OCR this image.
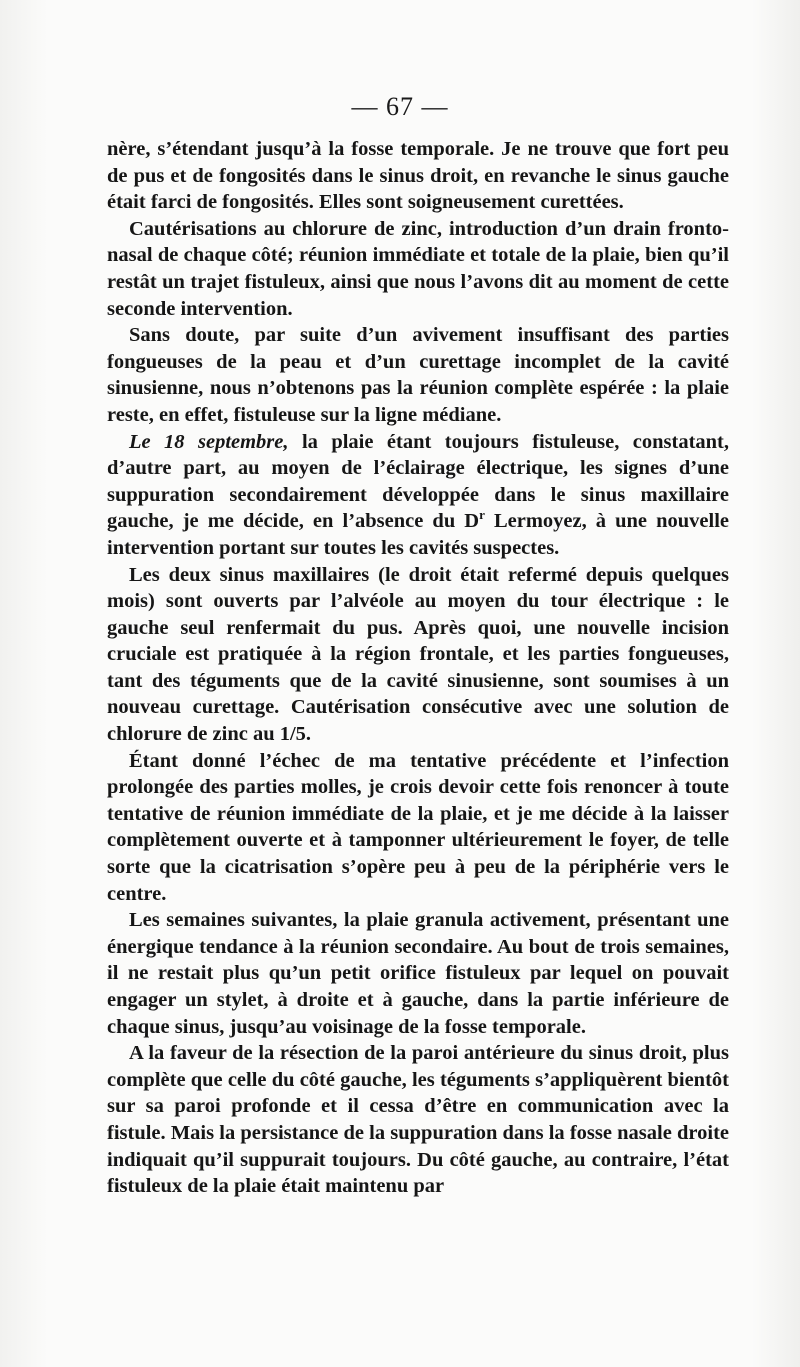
— 67 —

nère, s’étendant jusqu’à la fosse temporale. Je ne trouve que fort peu de pus et de fongosités dans le sinus droit, en revanche le sinus gauche était farci de fongosités. Elles sont soigneusement curettées.

Cautérisations au chlorure de zinc, introduction d’un drain fronto-nasal de chaque côté; réunion immédiate et totale de la plaie, bien qu’il restât un trajet fistuleux, ainsi que nous l’avons dit au moment de cette seconde intervention.

Sans doute, par suite d’un avivement insuffisant des parties fongueuses de la peau et d’un curettage incomplet de la cavité sinusienne, nous n’obtenons pas la réunion complète espérée : la plaie reste, en effet, fistuleuse sur la ligne médiane.

Le 18 septembre, la plaie étant toujours fistuleuse, constatant, d’autre part, au moyen de l’éclairage électrique, les signes d’une suppuration secondairement développée dans le sinus maxillaire gauche, je me décide, en l’absence du $D^r$ Lermoyez, à une nouvelle intervention portant sur toutes les cavités suspectes.

Les deux sinus maxillaires (le droit était refermé depuis quelques mois) sont ouverts par l’alvéole au moyen du tour électrique : le gauche seul renfermait du pus. Après quoi, une nouvelle incision cruciale est pratiquée à la région frontale, et les parties fongueuses, tant des téguments que de la cavité sinusienne, sont soumises à un nouveau curettage. Cautérisation consécutive avec une solution de chlorure de zinc au 1/5.

Étant donné l’échec de ma tentative précédente et l’infection prolongée des parties molles, je crois devoir cette fois renoncer à toute tentative de réunion immédiate de la plaie, et je me décide à la laisser complètement ouverte et à tamponner ultérieurement le foyer, de telle sorte que la cicatrisation s’opère peu à peu de la périphérie vers le centre.

Les semaines suivantes, la plaie granula activement, présentant une énergique tendance à la réunion secondaire. Au bout de trois semaines, il ne restait plus qu’un petit orifice fistuleux par lequel on pouvait engager un stylet, à droite et à gauche, dans la partie inférieure de chaque sinus, jusqu’au voisinage de la fosse temporale.

A la faveur de la résection de la paroi antérieure du sinus droit, plus complète que celle du côté gauche, les téguments s’appliquèrent bientôt sur sa paroi profonde et il cessa d’être en communication avec la fistule. Mais la persistance de la suppuration dans la fosse nasale droite indiquait qu’il suppurait toujours. Du côté gauche, au contraire, l’état fistuleux de la plaie était maintenu par
